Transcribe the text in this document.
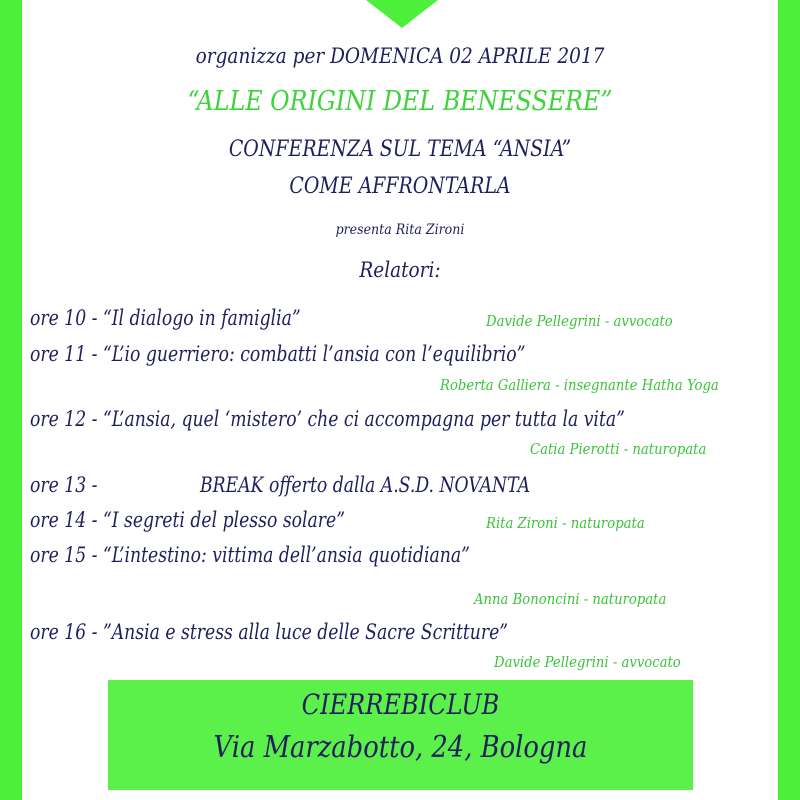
organizza per DOMENICA 02 APRILE 2017
“ALLE ORIGINI DEL BENESSERE”
CONFERENZA SUL TEMA “ANSIA”
COME AFFRONTARLA
presenta Rita Zironi
Relatori:
ore 10 - “Il dialogo in famiglia”	Davide Pellegrini - avvocato
ore 11 - “L’io guerriero: combatti l’ansia con l’equilibrio”
Roberta Galliera - insegnante Hatha Yoga
ore 12 - “L’ansia, quel ‘mistero’ che ci accompagna per tutta la vita”
Catia Pierotti - naturopata
ore 13 -	BREAK offerto dalla A.S.D. NOVANTA
ore 14 - “I segreti del plesso solare”	Rita Zironi - naturopata
ore 15 - “L’intestino: vittima dell’ansia quotidiana”
Anna Bononcini - naturopata
ore 16 - ”Ansia e stress alla luce delle Sacre Scritture”
Davide Pellegrini - avvocato
CIERREBICLUB
Via Marzabotto, 24, Bologna
